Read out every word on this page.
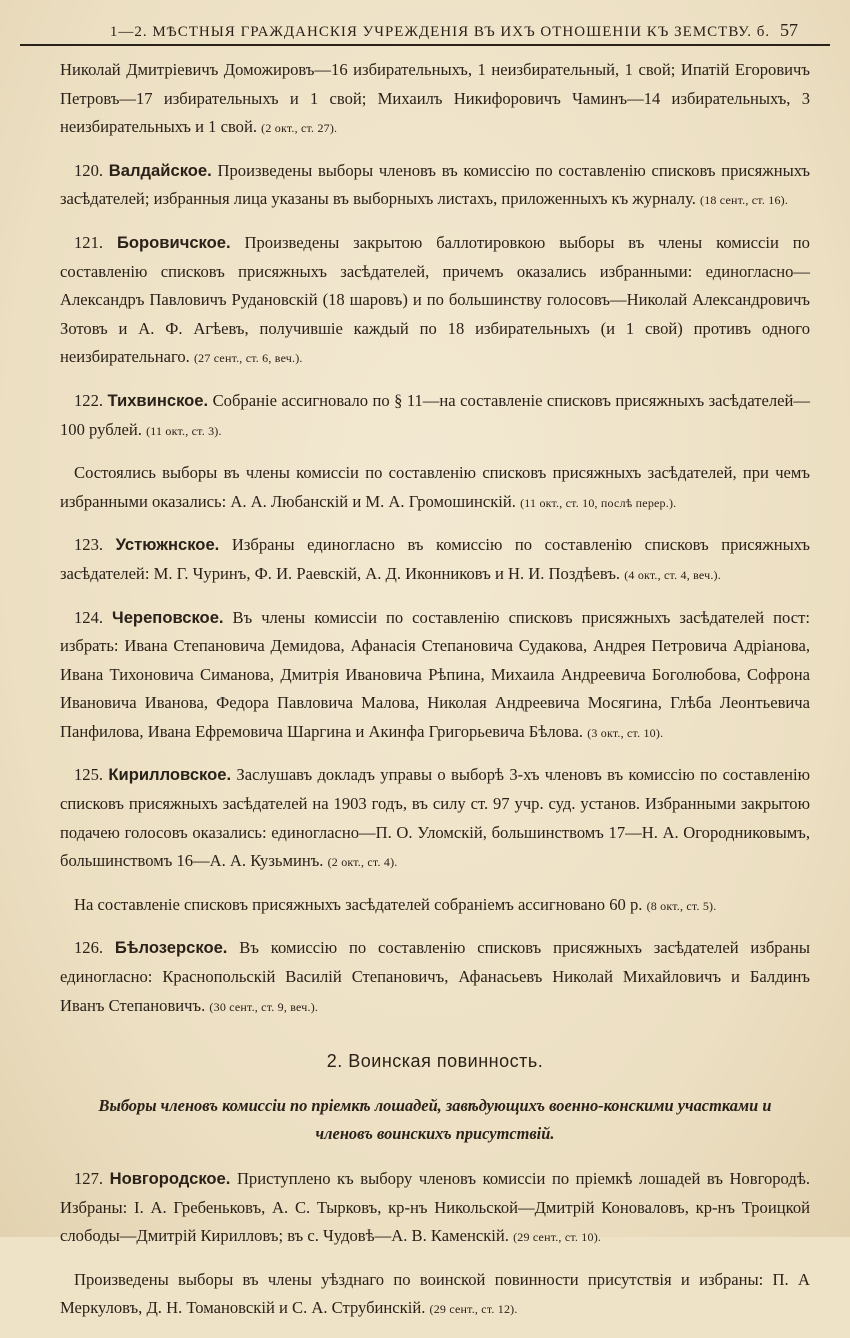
1—2. МѢСТНЫЯ ГРАЖДАНСКІЯ УЧРЕЖДЕНІЯ ВЪ ИХЪ ОТНОШЕНІИ КЪ ЗЕМСТВУ. б. 57

Николай Дмитріевичъ Доможировъ—16 избирательныхъ, 1 неизбирательный, 1 свой; Ипатій Егоровичъ Петровъ—17 избирательныхъ и 1 свой; Михаилъ Никифоровичъ Чаминъ—14 избирательныхъ, 3 неизбирательныхъ и 1 свой. (2 окт., ст. 27).

120. Валдайское. Произведены выборы членовъ въ комиссію по составленію списковъ присяжныхъ засѣдателей; избранныя лица указаны въ выборныхъ листахъ, приложенныхъ къ журналу. (18 сент., ст. 16).

121. Боровичское. Произведены закрытою баллотировкою выборы въ члены комиссіи по составленію списковъ присяжныхъ засѣдателей, причемъ оказались избранными: единогласно—Александръ Павловичъ Рудановскій (18 шаровъ) и по большинству голосовъ—Николай Александровичъ Зотовъ и А. Ф. Агѣевъ, получившіе каждый по 18 избирательныхъ (и 1 свой) противъ одного неизбирательнаго. (27 сент., ст. 6, веч.).

122. Тихвинское. Собраніе ассигновало по § 11—на составленіе списковъ присяжныхъ засѣдателей—100 рублей. (11 окт., ст. 3).

Состоялись выборы въ члены комиссіи по составленію списковъ присяжныхъ засѣдателей, при чемъ избранными оказались: А. А. Любанскій и М. А. Громошинскій. (11 окт., ст. 10, послѣ перер.).

123. Устюжнское. Избраны единогласно въ комиссію по составленію списковъ присяжныхъ засѣдателей: М. Г. Чуринъ, Ф. И. Раевскій, А. Д. Иконниковъ и Н. И. Поздѣевъ. (4 окт., ст. 4, веч.).

124. Череповское. Въ члены комиссіи по составленію списковъ присяжныхъ засѣдателей пост: избрать: Ивана Степановича Демидова, Афанасія Степановича Судакова, Андрея Петровича Адріанова, Ивана Тихоновича Симанова, Дмитрія Ивановича Рѣпина, Михаила Андреевича Боголюбова, Софрона Ивановича Иванова, Федора Павловича Малова, Николая Андреевича Мосягина, Глѣба Леонтьевича Панфилова, Ивана Ефремовича Шаргина и Акинфа Григорьевича Бѣлова. (3 окт., ст. 10).

125. Кирилловское. Заслушавъ докладъ управы о выборѣ 3-хъ членовъ въ комиссію по составленію списковъ присяжныхъ засѣдателей на 1903 годъ, въ силу ст. 97 учр. суд. установ. Избранными закрытою подачею голосовъ оказались: единогласно—П. О. Уломскій, большинствомъ 17—Н. А. Огородниковымъ, большинствомъ 16—А. А. Кузьминъ. (2 окт., ст. 4).

На составленіе списковъ присяжныхъ засѣдателей собраніемъ ассигновано 60 р. (8 окт., ст. 5).

126. Бѣлозерское. Въ комиссію по составленію списковъ присяжныхъ засѣдателей избраны единогласно: Краснопольскій Василій Степановичъ, Афанасьевъ Николай Михайловичъ и Балдинъ Иванъ Степановичъ. (30 сент., ст. 9, веч.).

2. Воинская повинность.
Выборы членовъ комиссіи по пріемкѣ лошадей, завѣдующихъ военно-конскими участками и членовъ воинскихъ присутствій.

127. Новгородское. Приступлено къ выбору членовъ комиссіи по пріемкѣ лошадей въ Новгородѣ. Избраны: І. А. Гребеньковъ, А. С. Тырковъ, кр-нъ Никольской—Дмитрій Коноваловъ, кр-нъ Троицкой слободы—Дмитрій Кирилловъ; въ с. Чудовѣ—А. В. Каменскій. (29 сент., ст. 10).

Произведены выборы въ члены уѣзднаго по воинской повинности присутствія и избраны: П. А Меркуловъ, Д. Н. Томановскій и С. А. Струбинскій. (29 сент., ст. 12).
